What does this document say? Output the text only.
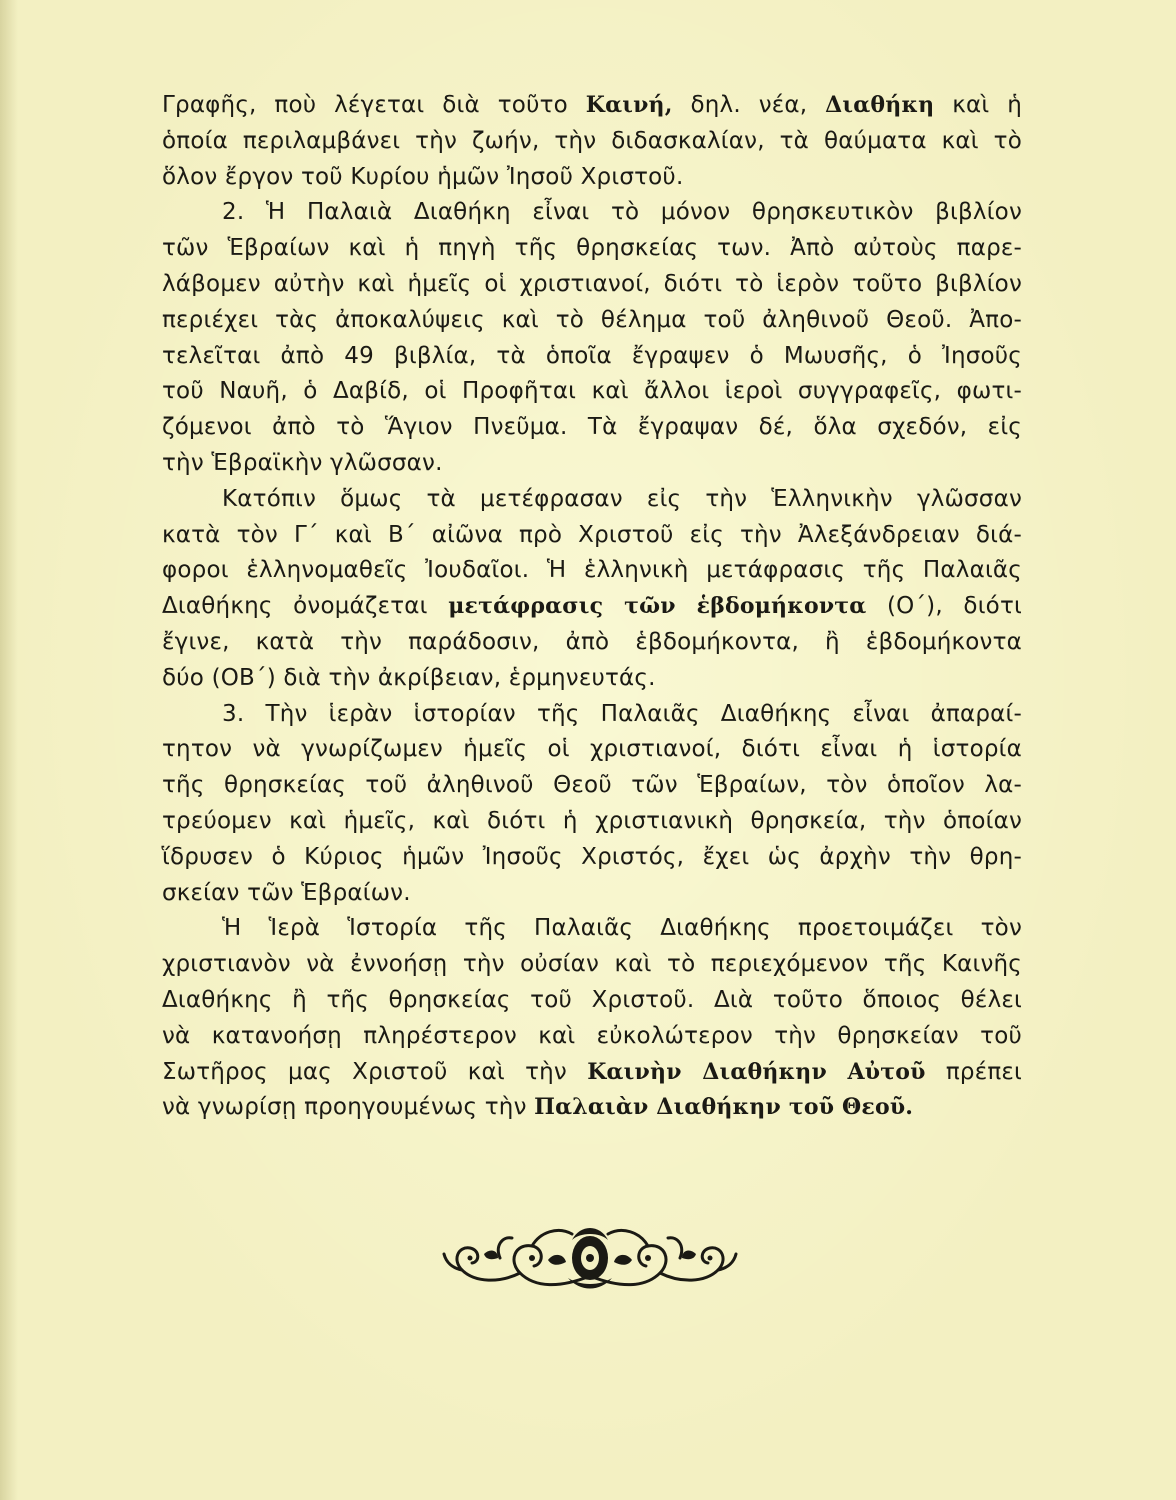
Γραφῆς, ποὺ λέγεται διὰ τοῦτο Καινή, δηλ. νέα, Διαθήκη καὶ ἡ
ὁποία περιλαμβάνει τὴν ζωήν, τὴν διδασκαλίαν, τὰ θαύματα καὶ τὸ
ὅλον ἔργον τοῦ Κυρίου ἡμῶν Ἰησοῦ Χριστοῦ.
2. Ἡ Παλαιὰ Διαθήκη εἶναι τὸ μόνον θρησκευτικὸν βιβλίον
τῶν Ἑβραίων καὶ ἡ πηγὴ τῆς θρησκείας των. Ἀπὸ αὐτοὺς παρε-
λάβομεν αὐτὴν καὶ ἡμεῖς οἱ χριστιανοί, διότι τὸ ἱερὸν τοῦτο βιβλίον
περιέχει τὰς ἀποκαλύψεις καὶ τὸ θέλημα τοῦ ἀληθινοῦ Θεοῦ. Ἀπο-
τελεῖται ἀπὸ 49 βιβλία, τὰ ὁποῖα ἔγραψεν ὁ Μωυσῆς, ὁ Ἰησοῦς
τοῦ Ναυῆ, ὁ Δαβίδ, οἱ Προφῆται καὶ ἄλλοι ἱεροὶ συγγραφεῖς, φωτι-
ζόμενοι ἀπὸ τὸ Ἅγιον Πνεῦμα. Τὰ ἔγραψαν δέ, ὅλα σχεδόν, εἰς
τὴν Ἑβραϊκὴν γλῶσσαν.
Κατόπιν ὅμως τὰ μετέφρασαν εἰς τὴν Ἑλληνικὴν γλῶσσαν
κατὰ τὸν Γ΄ καὶ Β΄ αἰῶνα πρὸ Χριστοῦ εἰς τὴν Ἀλεξάνδρειαν διά-
φοροι ἑλληνομαθεῖς Ἰουδαῖοι. Ἡ ἑλληνικὴ μετάφρασις τῆς Παλαιᾶς
Διαθήκης ὀνομάζεται μετάφρασις τῶν ἑβδομήκοντα (Ο΄), διότι
ἔγινε, κατὰ τὴν παράδοσιν, ἀπὸ ἑβδομήκοντα, ἢ ἑβδομήκοντα
δύο (ΟΒ΄) διὰ τὴν ἀκρίβειαν, ἑρμηνευτάς.
3. Τὴν ἱερὰν ἱστορίαν τῆς Παλαιᾶς Διαθήκης εἶναι ἀπαραί-
τητον νὰ γνωρίζωμεν ἡμεῖς οἱ χριστιανοί, διότι εἶναι ἡ ἱστορία
τῆς θρησκείας τοῦ ἀληθινοῦ Θεοῦ τῶν Ἑβραίων, τὸν ὁποῖον λα-
τρεύομεν καὶ ἡμεῖς, καὶ διότι ἡ χριστιανικὴ θρησκεία, τὴν ὁποίαν
ἵδρυσεν ὁ Κύριος ἡμῶν Ἰησοῦς Χριστός, ἔχει ὡς ἀρχὴν τὴν θρη-
σκείαν τῶν Ἑβραίων.
Ἡ Ἱερὰ Ἱστορία τῆς Παλαιᾶς Διαθήκης προετοιμάζει τὸν
χριστιανὸν νὰ ἐννοήσῃ τὴν οὐσίαν καὶ τὸ περιεχόμενον τῆς Καινῆς
Διαθήκης ἢ τῆς θρησκείας τοῦ Χριστοῦ. Διὰ τοῦτο ὅποιος θέλει
νὰ κατανοήσῃ πληρέστερον καὶ εὐκολώτερον τὴν θρησκείαν τοῦ
Σωτῆρος μας Χριστοῦ καὶ τὴν Καινὴν Διαθήκην Αὐτοῦ πρέπει
νὰ γνωρίσῃ προηγουμένως τὴν Παλαιὰν Διαθήκην τοῦ Θεοῦ.
